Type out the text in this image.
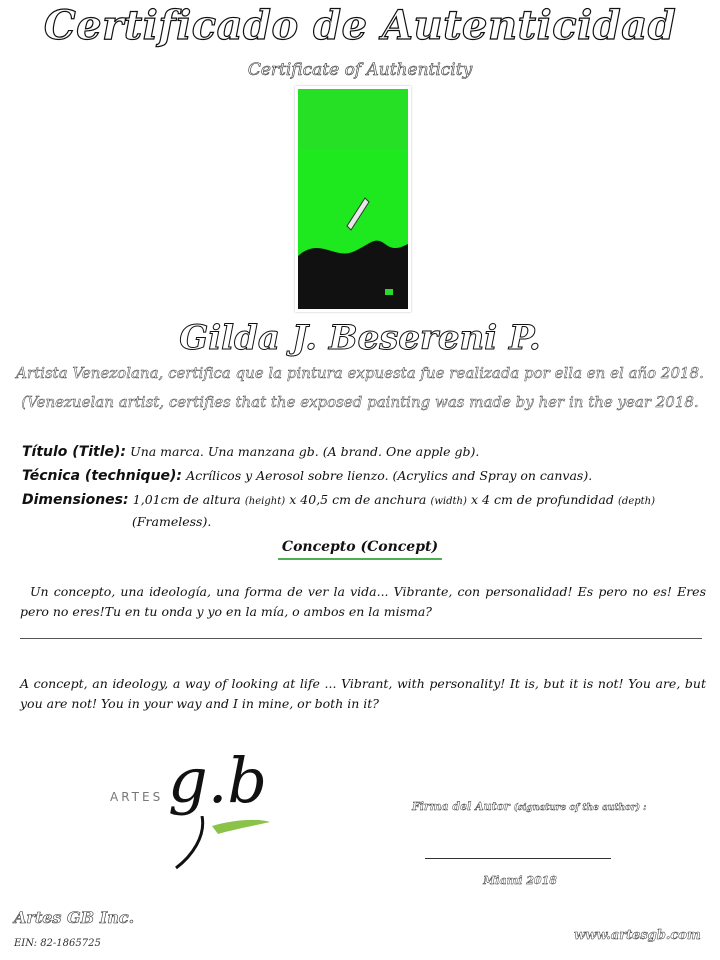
Certificado de Autenticidad
Certificate of Authenticity
Gilda J. Besereni P.
Artista Venezolana, certifica que la pintura expuesta fue realizada por ella en el año 2018.
(Venezuelan artist, certifies that the exposed painting was made by her in the year 2018.
Título (Title): Una marca. Una manzana gb. (A brand. One apple gb).
Técnica (technique): Acrílicos y Aerosol sobre lienzo. (Acrylics and Spray on canvas).
Dimensiones: 1,01cm de altura (height) x 40,5 cm de anchura (width) x 4 cm de profundidad (depth)
(Frameless).
Concepto (Concept)
Un concepto, una ideología, una forma de ver la vida... Vibrante, con personalidad! Es pero no es! Eres pero no eres!Tu en tu onda y yo en la mía, o ambos en la misma?
A concept, an ideology, a way of looking at life ... Vibrant, with personality! It is, but it is not! You are, but you are not! You in your way and I in mine, or both in it?
ARTES g.b	Firma del Autor (signature of the author) :
Miami 2018
Artes GB Inc.
EIN: 82-1865725
www.artesgb.com
